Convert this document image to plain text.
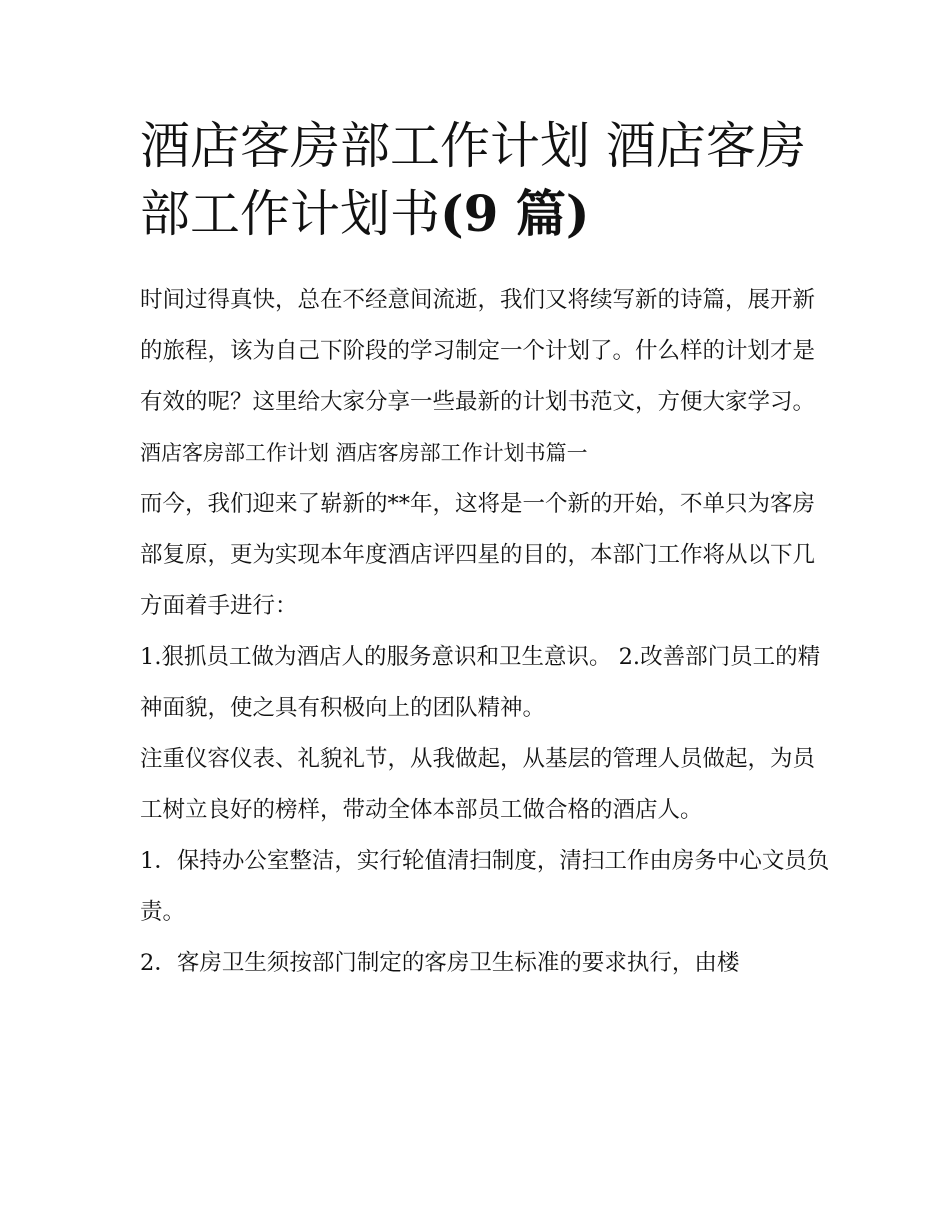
酒店客房部工作计划 酒店客房部工作计划书(9 篇)

时间过得真快，总在不经意间流逝，我们又将续写新的诗篇，展开新的旅程，该为自己下阶段的学习制定一个计划了。什么样的计划才是有效的呢？这里给大家分享一些最新的计划书范文，方便大家学习。

酒店客房部工作计划 酒店客房部工作计划书篇一

而今，我们迎来了崭新的**年，这将是一个新的开始，不单只为客房部复原，更为实现本年度酒店评四星的目的，本部门工作将从以下几方面着手进行：

1.狠抓员工做为酒店人的服务意识和卫生意识。 2.改善部门员工的精神面貌，使之具有积极向上的团队精神。

注重仪容仪表、礼貌礼节，从我做起，从基层的管理人员做起，为员工树立良好的榜样，带动全体本部员工做合格的酒店人。

1．保持办公室整洁，实行轮值清扫制度，清扫工作由房务中心文员负责。

2．客房卫生须按部门制定的客房卫生标准的要求执行，由楼
